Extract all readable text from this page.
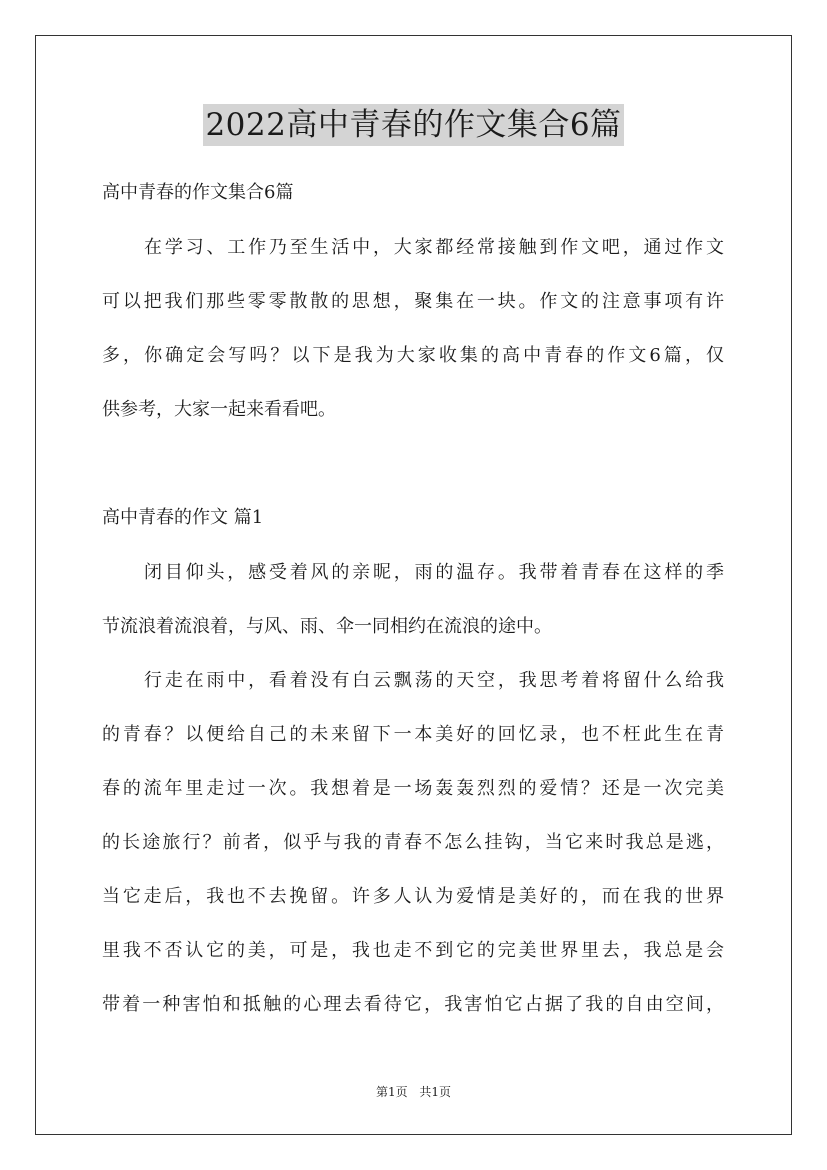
2022高中青春的作文集合6篇
高中青春的作文集合6篇
在学习、工作乃至生活中，大家都经常接触到作文吧，通过作文
可以把我们那些零零散散的思想，聚集在一块。作文的注意事项有许
多，你确定会写吗？以下是我为大家收集的高中青春的作文6篇，仅
供参考，大家一起来看看吧。
高中青春的作文 篇1
闭目仰头，感受着风的亲昵，雨的温存。我带着青春在这样的季
节流浪着流浪着，与风、雨、伞一同相约在流浪的途中。
行走在雨中，看着没有白云飘荡的天空，我思考着将留什么给我
的青春？以便给自己的未来留下一本美好的回忆录，也不枉此生在青
春的流年里走过一次。我想着是一场轰轰烈烈的爱情？还是一次完美
的长途旅行？前者，似乎与我的青春不怎么挂钩，当它来时我总是逃，
当它走后，我也不去挽留。许多人认为爱情是美好的，而在我的世界
里我不否认它的美，可是，我也走不到它的完美世界里去，我总是会
带着一种害怕和抵触的心理去看待它，我害怕它占据了我的自由空间，
第1页 共1页
